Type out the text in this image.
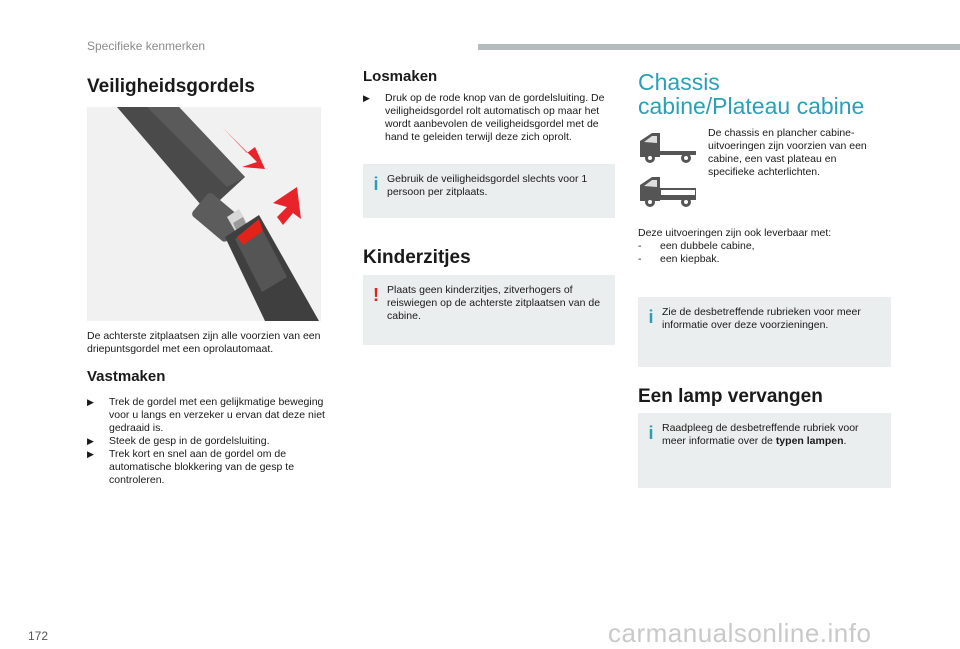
Specifieke kenmerken
Veiligheidsgordels
De achterste zitplaatsen zijn alle voorzien van een driepuntsgordel met een oprolautomaat.
Vastmaken
▶ Trek de gordel met een gelijkmatige beweging voor u langs en verzeker u ervan dat deze niet gedraaid is.
▶ Steek de gesp in de gordelsluiting.
▶ Trek kort en snel aan de gordel om de automatische blokkering van de gesp te controleren.
Losmaken
▶ Druk op de rode knop van de gordelsluiting. De veiligheidsgordel rolt automatisch op maar het wordt aanbevolen de veiligheidsgordel met de hand te geleiden terwijl deze zich oprolt.
i Gebruik de veiligheidsgordel slechts voor 1 persoon per zitplaats.
Kinderzitjes
! Plaats geen kinderzitjes, zitverhogers of reiswiegen op de achterste zitplaatsen van de cabine.
Chassis cabine/Plateau cabine
De chassis en plancher cabine-uitvoeringen zijn voorzien van een cabine, een vast plateau en specifieke achterlichten.
Deze uitvoeringen zijn ook leverbaar met:
- een dubbele cabine,
- een kiepbak.
i Zie de desbetreffende rubrieken voor meer informatie over deze voorzieningen.
Een lamp vervangen
i Raadpleeg de desbetreffende rubriek voor meer informatie over de typen lampen.
172	carmanualsonline.info
